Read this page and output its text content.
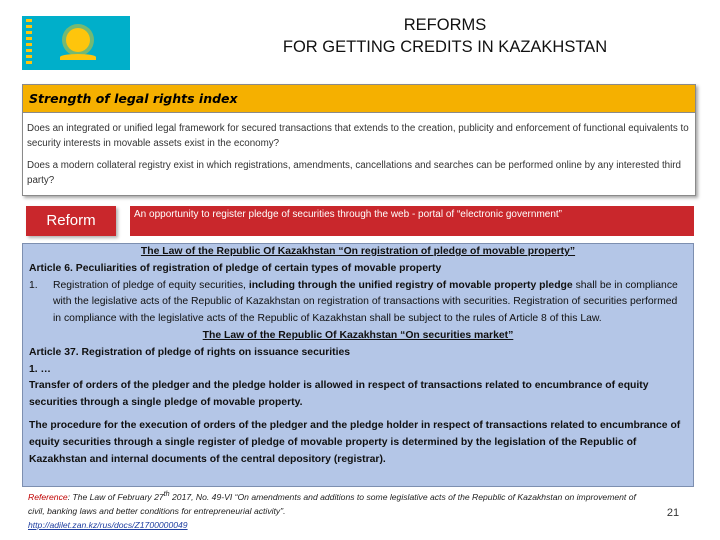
REFORMS
FOR GETTING CREDITS IN KAZAKHSTAN
Strength of legal rights index
Does an integrated or unified legal framework for secured transactions that extends to the creation, publicity and enforcement of functional equivalents to security interests in movable assets exist in the economy?
Does a modern collateral registry exist in which registrations, amendments, cancellations and searches can be performed online by any interested third party?
Reform	An opportunity to register pledge of securities through the web - portal of “electronic government”
The Law of the Republic Of Kazakhstan “On registration of pledge of movable property”
Article 6. Peculiarities of registration of pledge of certain types of movable property
1. Registration of pledge of equity securities, including through the unified registry of movable property pledge shall be in compliance with the legislative acts of the Republic of Kazakhstan on registration of transactions with securities. Registration of securities performed in compliance with the legislative acts of the Republic of Kazakhstan shall be subject to the rules of Article 8 of this Law.
The Law of the Republic Of Kazakhstan “On securities market”
Article 37. Registration of pledge of rights on issuance securities
1. …
Transfer of orders of the pledger and the pledge holder is allowed in respect of transactions related to encumbrance of equity securities through a single pledge of movable property.
The procedure for the execution of orders of the pledger and the pledge holder in respect of transactions related to encumbrance of equity securities through a single register of pledge of movable property is determined by the legislation of the Republic of Kazakhstan and internal documents of the central depository (registrar).
Reference: The Law of February 27th 2017, No. 49-VI “On amendments and additions to some legislative acts of the Republic of Kazakhstan on improvement of civil, banking laws and better conditions for entrepreneurial activity”.
http://adilet.zan.kz/rus/docs/Z1700000049
21
